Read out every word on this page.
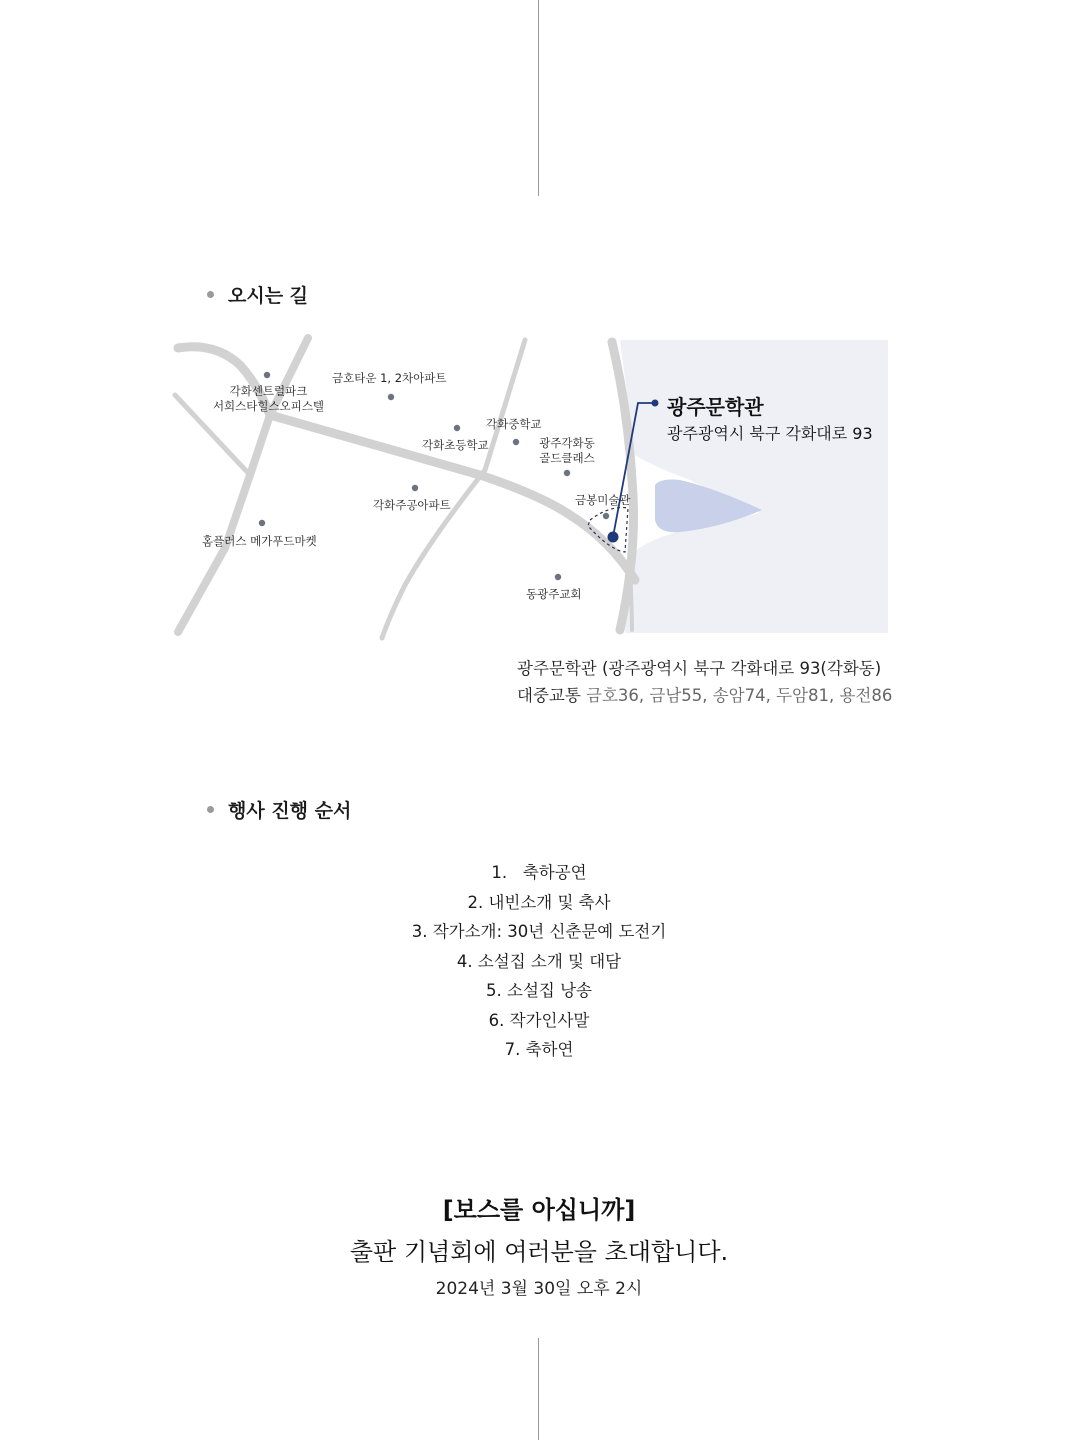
오시는 길
각화센트럴파크
서희스타힐스오피스텔
금호타운 1, 2차아파트
각화초등학교
각화중학교
광주각화동
골드클래스
각화주공아파트	금봉미술관
홈플러스 메가푸드마켓
동광주교회
광주문학관
광주광역시 북구 각화대로 93
광주문학관 (광주광역시 북구 각화대로 93(각화동)
대중교통 금호36, 금남55, 송암74, 두암81, 용전86
행사 진행 순서
1.   축하공연
2. 내빈소개 및 축사
3. 작가소개: 30년 신춘문예 도전기
4. 소설집 소개 및 대담
5. 소설집 낭송
6. 작가인사말
7. 축하연
[보스를 아십니까]
출판 기념회에 여러분을 초대합니다.
2024년 3월 30일 오후 2시
